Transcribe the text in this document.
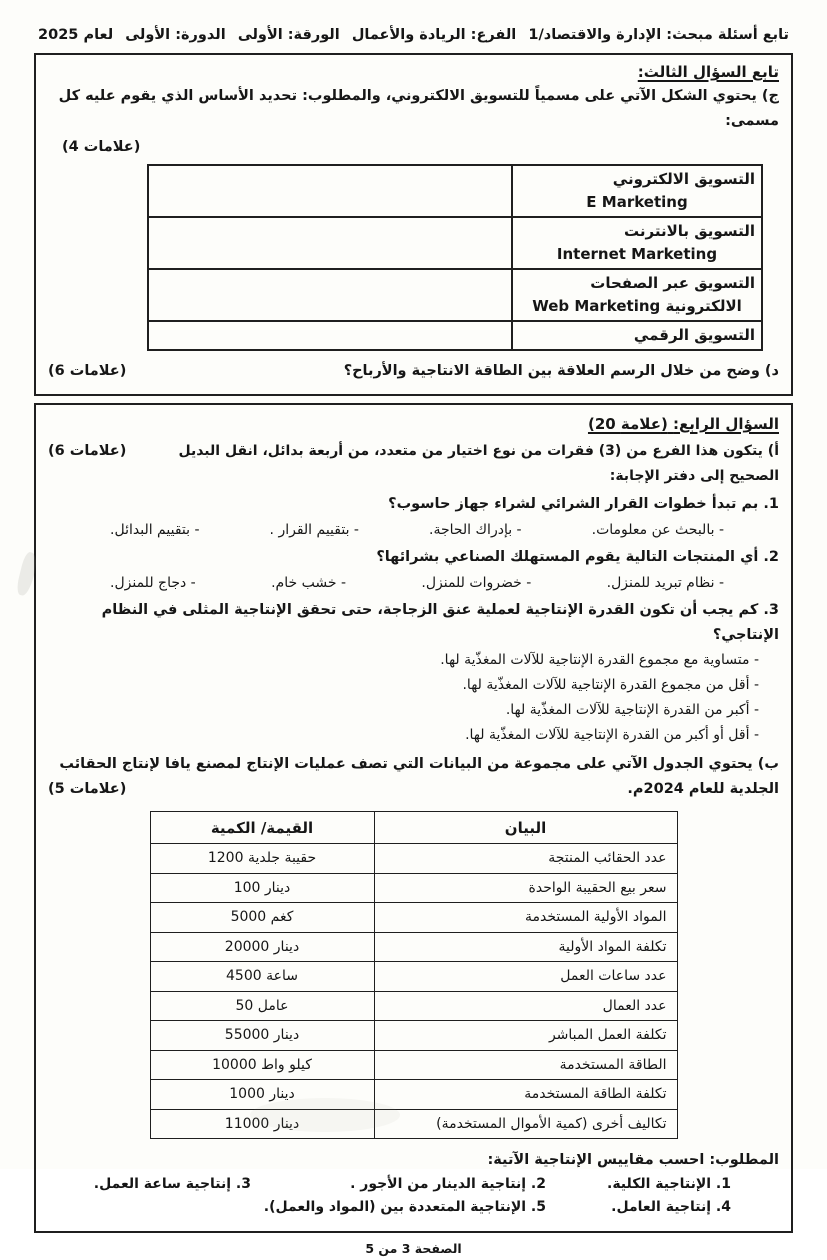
تابع أسئلة مبحث: الإدارة والاقتصاد/1
الفرع: الريادة والأعمال
الورقة: الأولى
الدورة: الأولى
لعام 2025
تابع السؤال الثالث:
ج) يحتوي الشكل الآتي على مسمياً للتسويق الالكتروني، والمطلوب: تحديد الأساس الذي يقوم عليه كل مسمى:
(4 علامات)
التسويق الالكتروني
E Marketing	

التسويق بالانترنت
Internet Marketing	

التسويق عبر الصفحات
الالكترونية Web Marketing	

التسويق الرقمي	

د) وضح من خلال الرسم العلاقة بين الطاقة الانتاجية والأرباح؟
(6 علامات)
السؤال الرابع: (20 علامة)
أ) يتكون هذا الفرع من (3) فقرات من نوع اختيار من متعدد، من أربعة بدائل، انقل البديل الصحيح إلى دفتر الإجابة:
(6 علامات)
1. بم تبدأ خطوات القرار الشرائي لشراء جهاز حاسوب؟
- بالبحث عن معلومات.
- بإدراك الحاجة.
- بتقييم القرار .
- بتقييم البدائل.
2. أي المنتجات التالية يقوم المستهلك الصناعي بشرائها؟
- نظام تبريد للمنزل.
- خضروات للمنزل.
- خشب خام.
- دجاج للمنزل.
3. كم يجب أن تكون القدرة الإنتاجية لعملية عنق الزجاجة، حتى تحقق الإنتاجية المثلى في النظام الإنتاجي؟
- متساوية مع مجموع القدرة الإنتاجية للآلات المغذّية لها.
- أقل من مجموع القدرة الإنتاجية للآلات المغذّية لها.
- أكبر من القدرة الإنتاجية للآلات المغذّية لها.
- أقل أو أكبر من القدرة الإنتاجية للآلات المغذّية لها.
ب) يحتوي الجدول الآتي على مجموعة من البيانات التي تصف عمليات الإنتاج لمصنع يافا لإنتاج الحقائب
الجلدية للعام 2024م.
(5 علامات)
البيان	القيمة/ الكمية
عدد الحقائب المنتجة	1200 حقيبة جلدية
سعر بيع الحقيبة الواحدة	100 دينار
المواد الأولية المستخدمة	5000 كغم
تكلفة المواد الأولية	20000 دينار
عدد ساعات العمل	4500 ساعة
عدد العمال	50 عامل
تكلفة العمل المباشر	55000 دينار
الطاقة المستخدمة	10000 كيلو واط
تكلفة الطاقة المستخدمة	1000 دينار
تكاليف أخرى (كمية الأموال المستخدمة)	11000 دينار
المطلوب: احسب مقاييس الإنتاجية الآتية:
1. الإنتاجية الكلية.
2. إنتاجية الدينار من الأجور .
3. إنتاجية ساعة العمل.
4. إنتاجية العامل.
5. الإنتاجية المتعددة بين (المواد والعمل).
الصفحة 3 من 5
